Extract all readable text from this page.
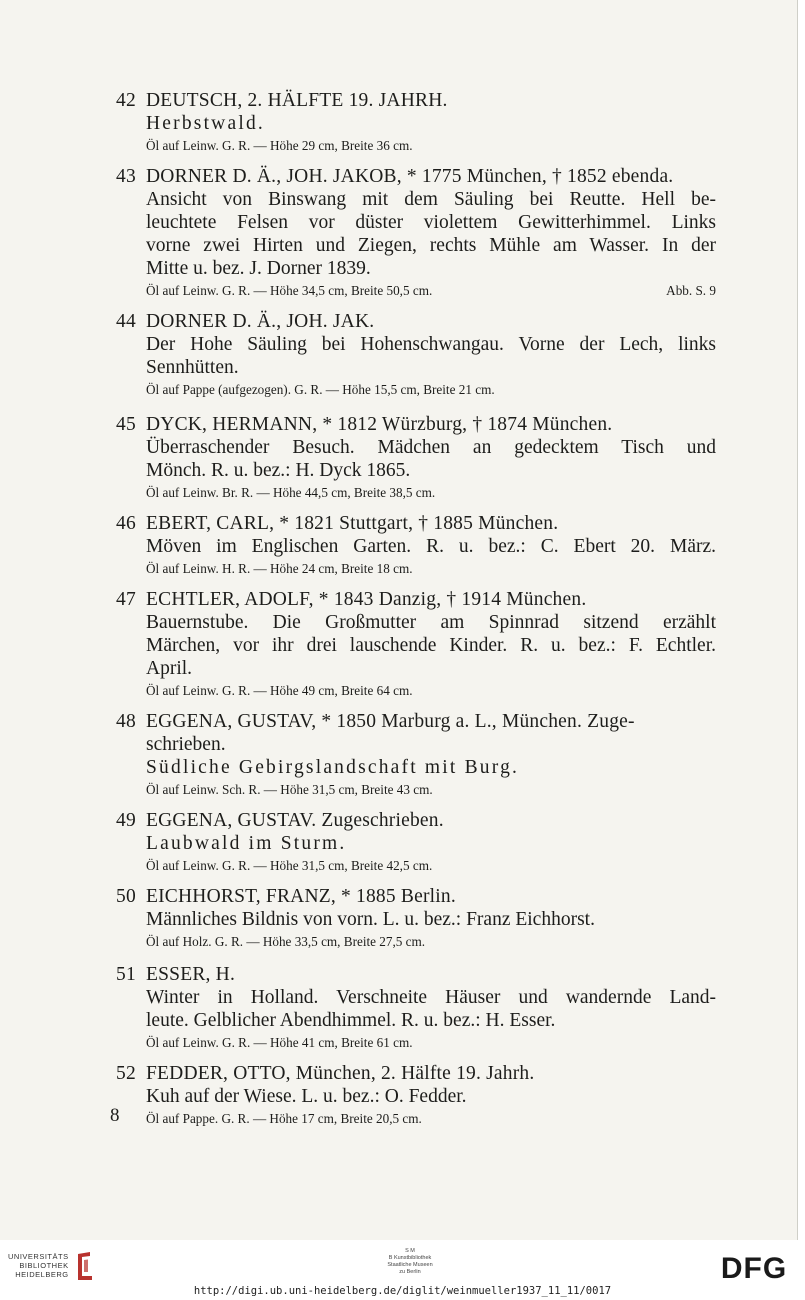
42 DEUTSCH, 2. HÄLFTE 19. JAHRH.
Herbstwald.
Öl auf Leinw. G. R. — Höhe 29 cm, Breite 36 cm.
43 DORNER D. Ä., JOH. JAKOB, * 1775 München, † 1852 ebenda.
Ansicht von Binswang mit dem Säuling bei Reutte. Hell be-
leuchtete Felsen vor düster violettem Gewitterhimmel. Links
vorne zwei Hirten und Ziegen, rechts Mühle am Wasser. In der
Mitte u. bez. J. Dorner 1839.
Öl auf Leinw. G. R. — Höhe 34,5 cm, Breite 50,5 cm.	Abb. S. 9
44 DORNER D. Ä., JOH. JAK.
Der Hohe Säuling bei Hohenschwangau. Vorne der Lech, links
Sennhütten.
Öl auf Pappe (aufgezogen). G. R. — Höhe 15,5 cm, Breite 21 cm.
45 DYCK, HERMANN, * 1812 Würzburg, † 1874 München.
Überraschender Besuch. Mädchen an gedecktem Tisch und
Mönch. R. u. bez.: H. Dyck 1865.
Öl auf Leinw. Br. R. — Höhe 44,5 cm, Breite 38,5 cm.
46 EBERT, CARL, * 1821 Stuttgart, † 1885 München.
Möven im Englischen Garten. R. u. bez.: C. Ebert 20. März.
Öl auf Leinw. H. R. — Höhe 24 cm, Breite 18 cm.
47 ECHTLER, ADOLF, * 1843 Danzig, † 1914 München.
Bauernstube. Die Großmutter am Spinnrad sitzend erzählt
Märchen, vor ihr drei lauschende Kinder. R. u. bez.: F. Echtler.
April.
Öl auf Leinw. G. R. — Höhe 49 cm, Breite 64 cm.
48 EGGENA, GUSTAV, * 1850 Marburg a. L., München. Zuge-
schrieben.
Südliche Gebirgslandschaft mit Burg.
Öl auf Leinw. Sch. R. — Höhe 31,5 cm, Breite 43 cm.
49 EGGENA, GUSTAV. Zugeschrieben.
Laubwald im Sturm.
Öl auf Leinw. G. R. — Höhe 31,5 cm, Breite 42,5 cm.
50 EICHHORST, FRANZ, * 1885 Berlin.
Männliches Bildnis von vorn. L. u. bez.: Franz Eichhorst.
Öl auf Holz. G. R. — Höhe 33,5 cm, Breite 27,5 cm.
51 ESSER, H.
Winter in Holland. Verschneite Häuser und wandernde Land-
leute. Gelblicher Abendhimmel. R. u. bez.: H. Esser.
Öl auf Leinw. G. R. — Höhe 41 cm, Breite 61 cm.
52 FEDDER, OTTO, München, 2. Hälfte 19. Jahrh.
Kuh auf der Wiese. L. u. bez.: O. Fedder.
Öl auf Pappe. G. R. — Höhe 17 cm, Breite 20,5 cm.
8
UNIVERSITÄTS
BIBLIOTHEK
HEIDELBERG
S M
B Kunstbibliothek
Staatliche Museen
zu Berlin	DFG
http://digi.ub.uni-heidelberg.de/diglit/weinmueller1937_11_11/0017
